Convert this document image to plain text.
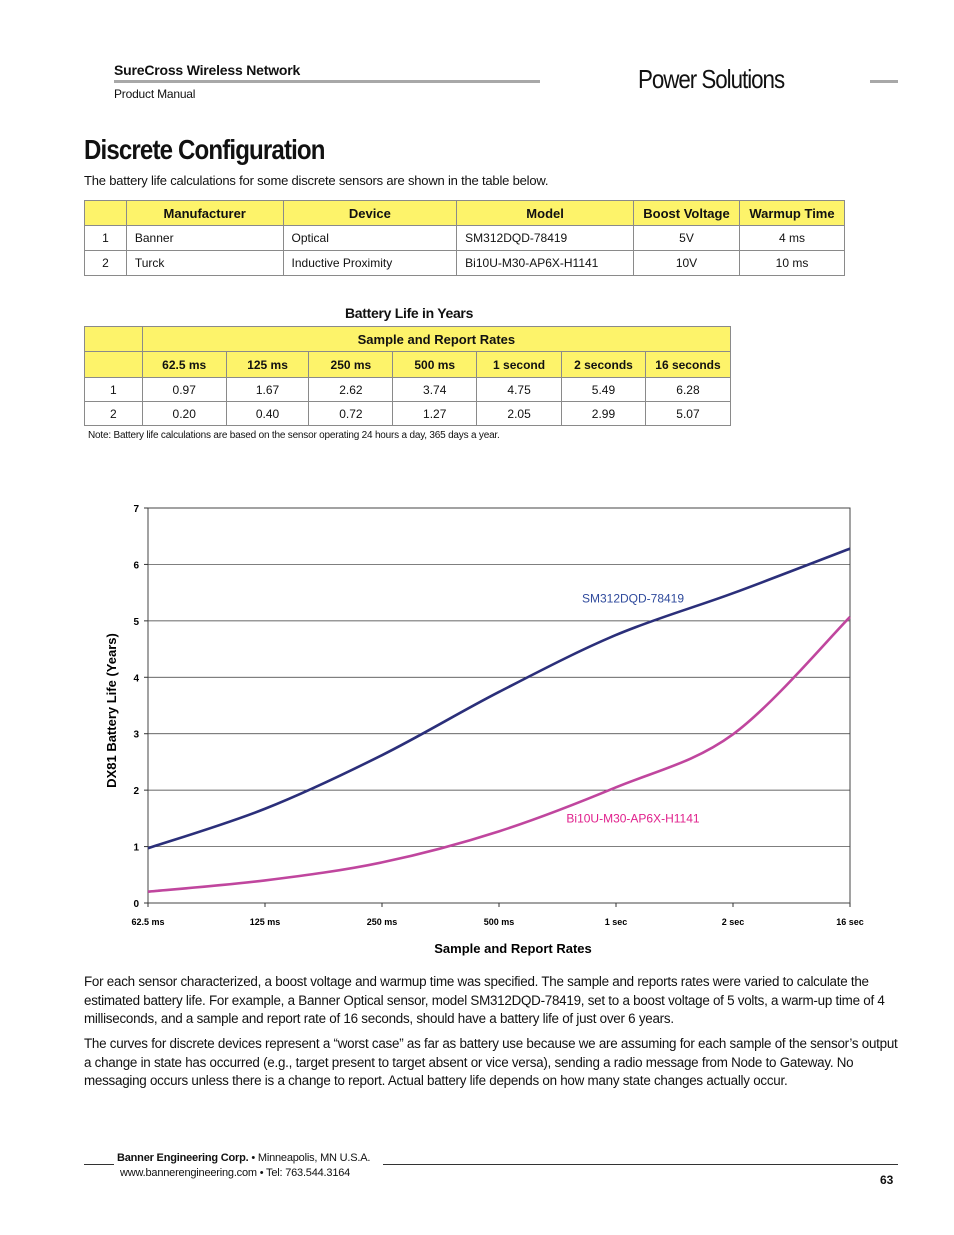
SureCross Wireless Network
Product Manual	Power Solutions
Discrete Configuration
The battery life calculations for some discrete sensors are shown in the table below.
	Manufacturer	Device	Model	Boost Voltage	Warmup Time
1	Banner	Optical	SM312DQD-78419	5V	4 ms
2	Turck	Inductive Proximity	Bi10U-M30-AP6X-H1141	10V	10 ms
Battery Life in Years
	Sample and Report Rates						
	62.5 ms	125 ms	250 ms	500 ms	1 second	2 seconds	16 seconds
1	0.97	1.67	2.62	3.74	4.75	5.49	6.28
2	0.20	0.40	0.72	1.27	2.05	2.99	5.07
Note: Battery life calculations are based on the sensor operating 24 hours a day, 365 days a year.
0
1
2
3
4
5
6
7
62.5 ms	125 ms	250 ms	500 ms	1 sec	2 sec	16 sec
SM312DQD-78419
Bi10U-M30-AP6X-H1141
Sample and Report Rates
DX81 Battery Life (Years)
For each sensor characterized, a boost voltage and warmup time was specified. The sample and reports rates were varied to calculate the estimated battery life. For example, a Banner Optical sensor, model SM312DQD-78419, set to a boost voltage of 5 volts, a warm-up time of 4 milliseconds, and a sample and report rate of 16 seconds, should have a battery life of just over 6 years.
The curves for discrete devices represent a “worst case” as far as battery use because we are assuming for each sample of the sensor’s output a change in state has occurred (e.g., target present to target absent or vice versa), sending a radio message from Node to Gateway. No messaging occurs unless there is a change to report. Actual battery life depends on how many state changes actually occur.
Banner Engineering Corp. • Minneapolis, MN U.S.A.
www.bannerengineering.com • Tel: 763.544.3164	63
